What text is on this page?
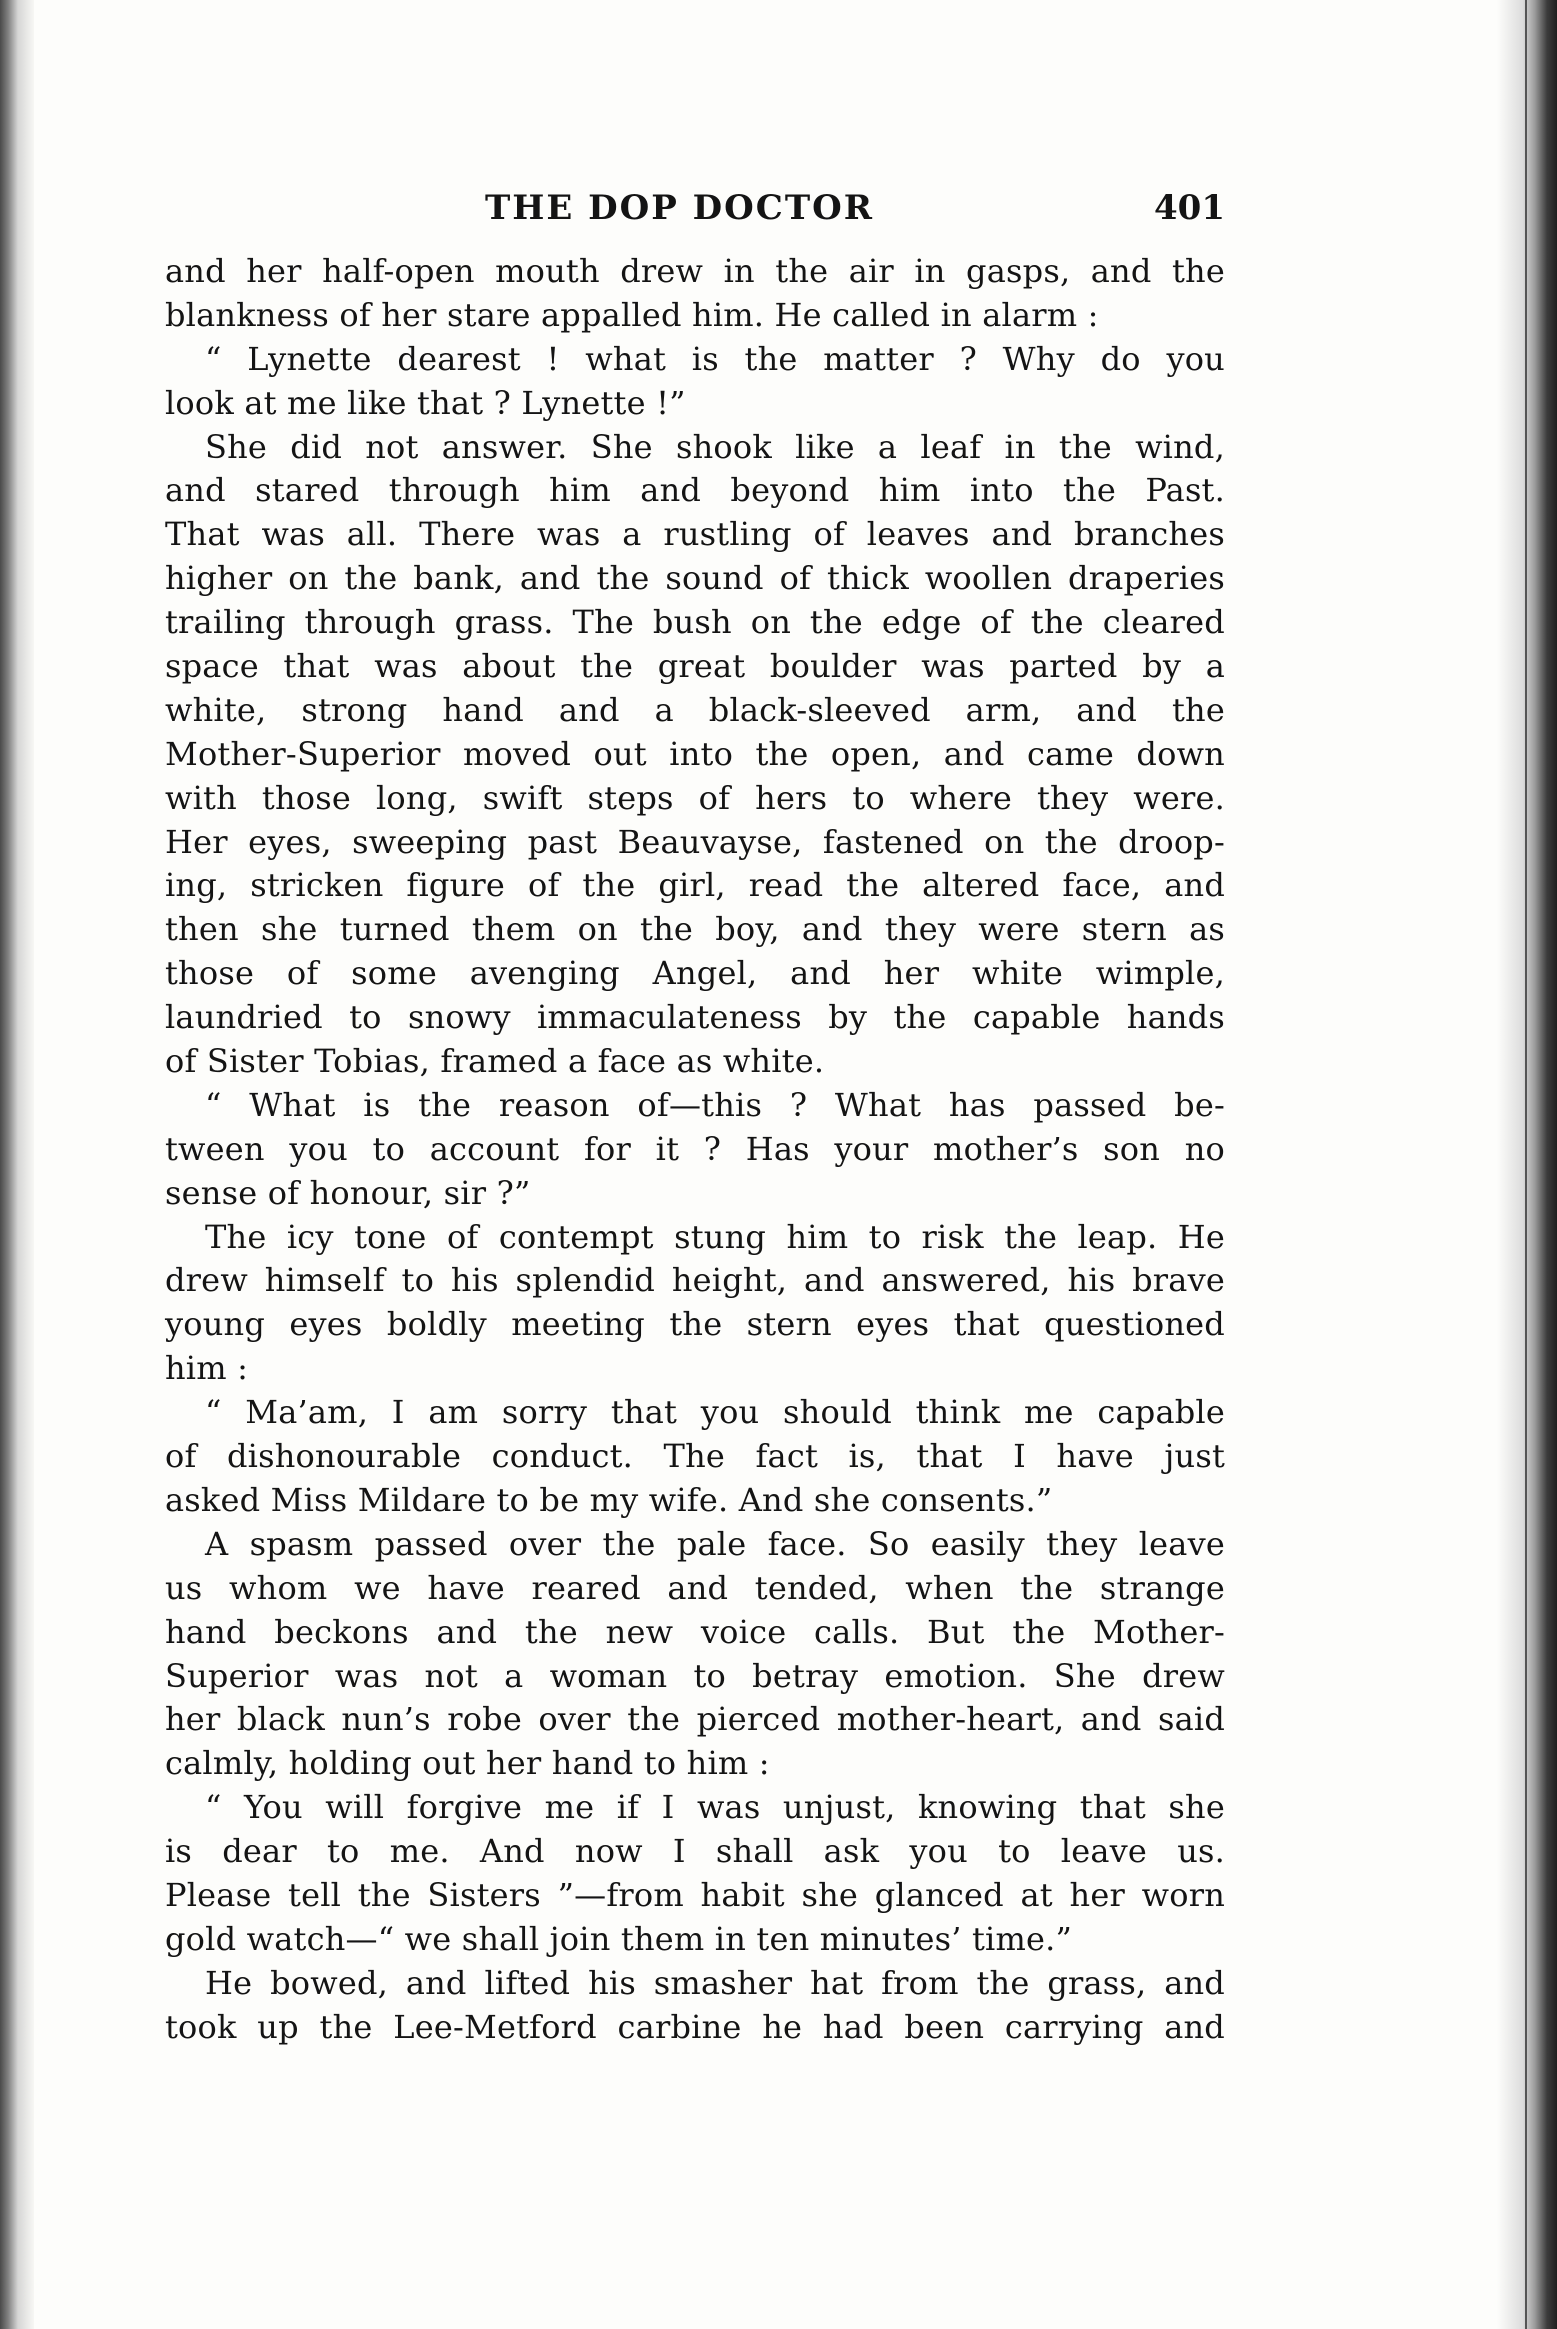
THE DOP DOCTOR	401
and her half-open mouth drew in the air in gasps, and the
blankness of her stare appalled him. He called in alarm :
“ Lynette dearest ! what is the matter ? Why do you
look at me like that ? Lynette !”
She did not answer. She shook like a leaf in the wind,
and stared through him and beyond him into the Past.
That was all. There was a rustling of leaves and branches
higher on the bank, and the sound of thick woollen draperies
trailing through grass. The bush on the edge of the cleared
space that was about the great boulder was parted by a
white, strong hand and a black-sleeved arm, and the
Mother-Superior moved out into the open, and came down
with those long, swift steps of hers to where they were.
Her eyes, sweeping past Beauvayse, fastened on the droop-
ing, stricken figure of the girl, read the altered face, and
then she turned them on the boy, and they were stern as
those of some avenging Angel, and her white wimple,
laundried to snowy immaculateness by the capable hands
of Sister Tobias, framed a face as white.
“ What is the reason of—this ? What has passed be-
tween you to account for it ? Has your mother’s son no
sense of honour, sir ?”
The icy tone of contempt stung him to risk the leap. He
drew himself to his splendid height, and answered, his brave
young eyes boldly meeting the stern eyes that questioned
him :
“ Ma’am, I am sorry that you should think me capable
of dishonourable conduct. The fact is, that I have just
asked Miss Mildare to be my wife. And she consents.”
A spasm passed over the pale face. So easily they leave
us whom we have reared and tended, when the strange
hand beckons and the new voice calls. But the Mother-
Superior was not a woman to betray emotion. She drew
her black nun’s robe over the pierced mother-heart, and said
calmly, holding out her hand to him :
“ You will forgive me if I was unjust, knowing that she
is dear to me. And now I shall ask you to leave us.
Please tell the Sisters ”—from habit she glanced at her worn
gold watch—“ we shall join them in ten minutes’ time.”
He bowed, and lifted his smasher hat from the grass, and
took up the Lee-Metford carbine he had been carrying and
